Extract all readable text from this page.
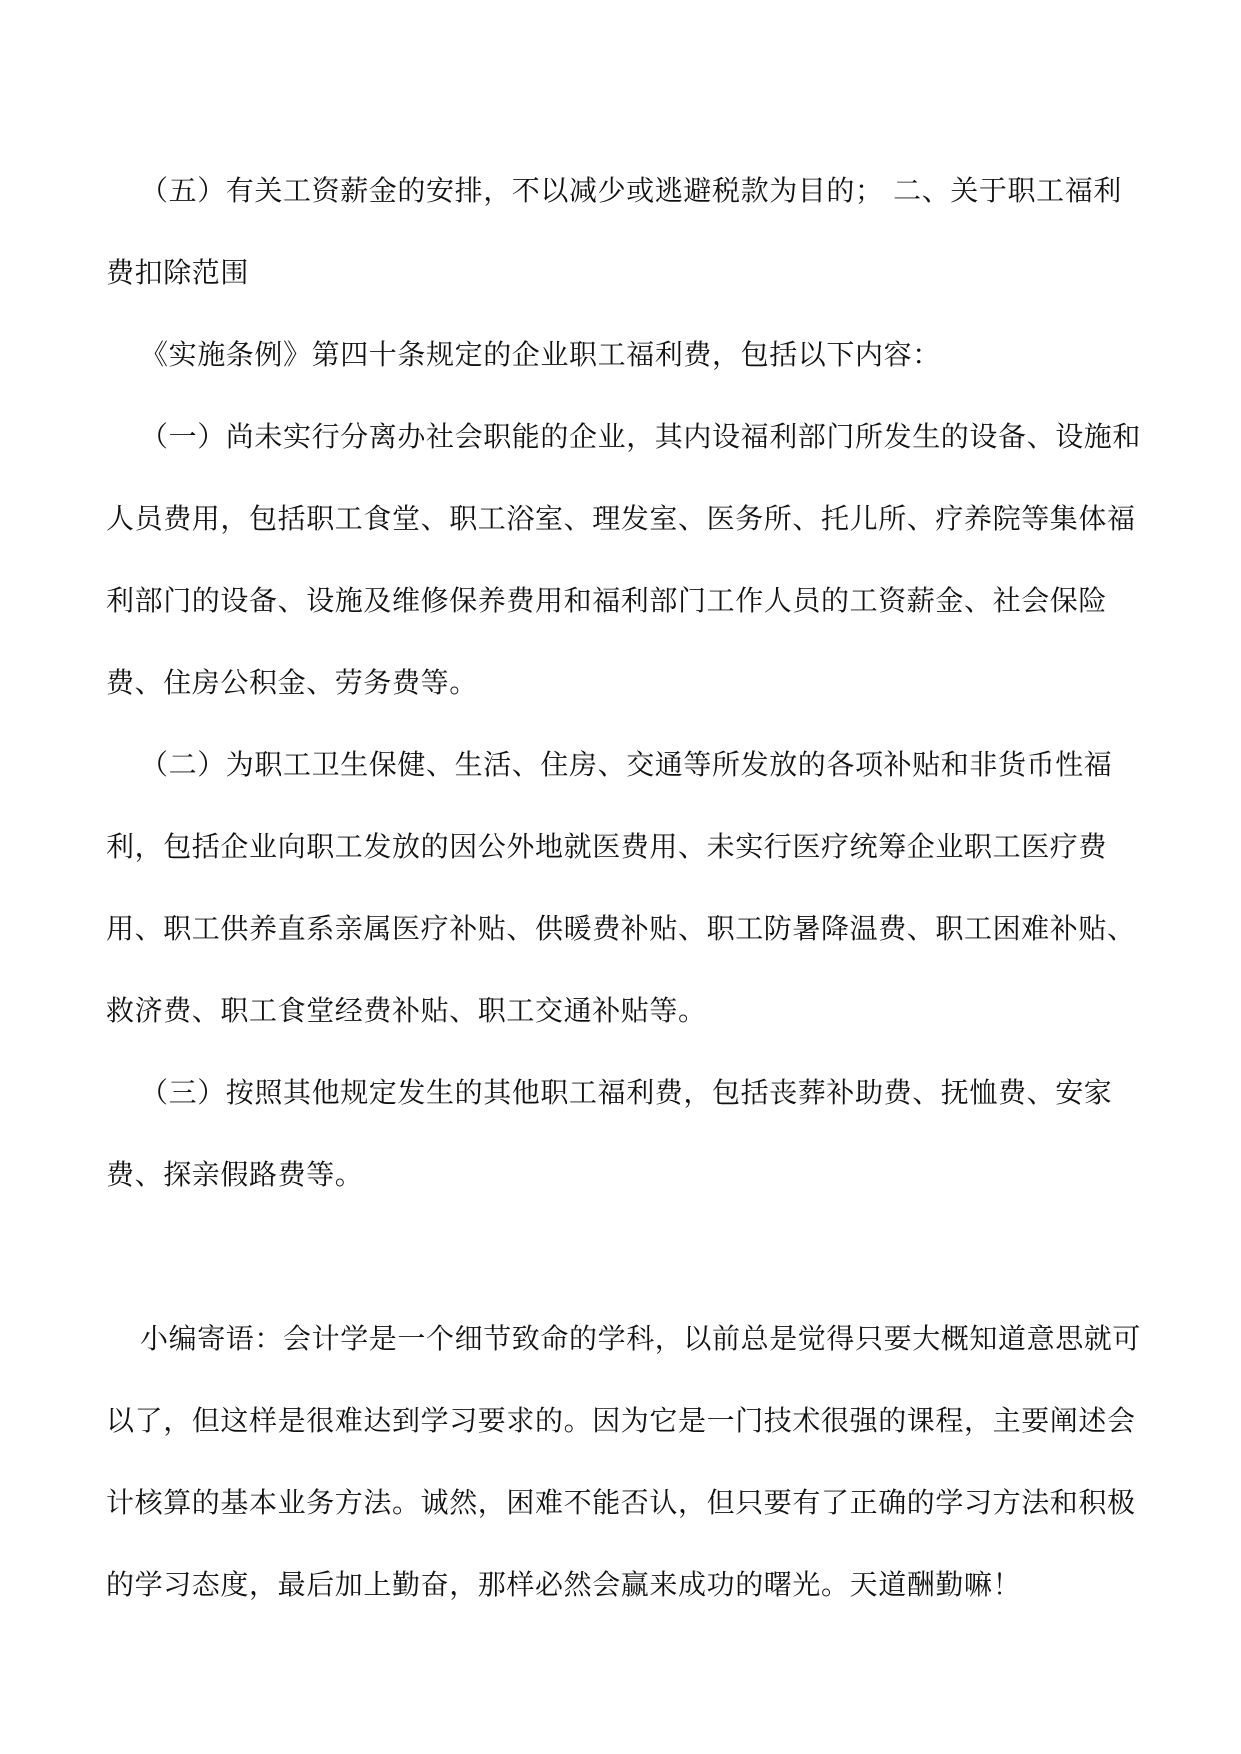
（五）有关工资薪金的安排，不以减少或逃避税款为目的； 二、关于职工福利费扣除范围

《实施条例》第四十条规定的企业职工福利费，包括以下内容：

（一）尚未实行分离办社会职能的企业，其内设福利部门所发生的设备、设施和人员费用，包括职工食堂、职工浴室、理发室、医务所、托儿所、疗养院等集体福利部门的设备、设施及维修保养费用和福利部门工作人员的工资薪金、社会保险费、住房公积金、劳务费等。

（二）为职工卫生保健、生活、住房、交通等所发放的各项补贴和非货币性福利，包括企业向职工发放的因公外地就医费用、未实行医疗统筹企业职工医疗费用、职工供养直系亲属医疗补贴、供暖费补贴、职工防暑降温费、职工困难补贴、救济费、职工食堂经费补贴、职工交通补贴等。

（三）按照其他规定发生的其他职工福利费，包括丧葬补助费、抚恤费、安家费、探亲假路费等。

小编寄语：会计学是一个细节致命的学科，以前总是觉得只要大概知道意思就可以了，但这样是很难达到学习要求的。因为它是一门技术很强的课程，主要阐述会计核算的基本业务方法。诚然，困难不能否认，但只要有了正确的学习方法和积极的学习态度，最后加上勤奋，那样必然会赢来成功的曙光。天道酬勤嘛！
